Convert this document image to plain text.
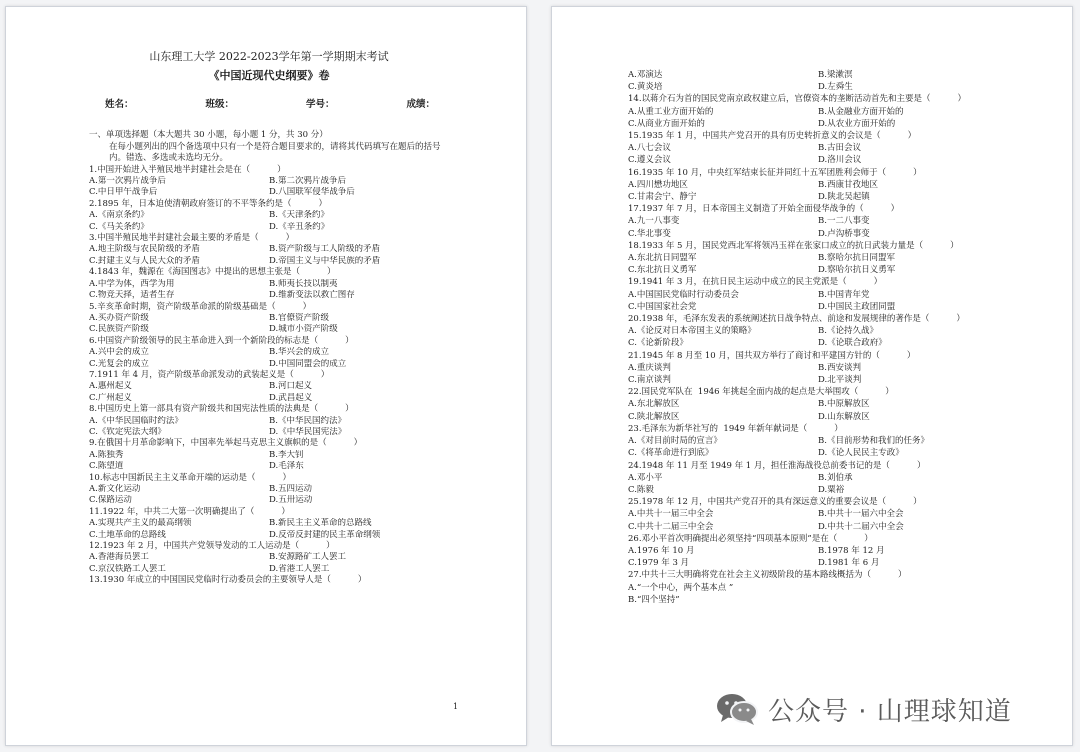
山东理工大学 2022-2023学年第一学期期末考试
《中国近现代史纲要》卷
姓名：	班级：	学号：	成绩：
一、单项选择题（本大题共 30 小题，每小题 1 分，共 30 分）
在每小题列出的四个备选项中只有一个是符合题目要求的，请将其代码填写在题后的括号内。错选、多选或未选均无分。
1.中国开始进入半殖民地半封建社会是在（          ）
A.第一次鸦片战争后	B.第二次鸦片战争后
C.中日甲午战争后	D.八国联军侵华战争后
2.1895 年，日本迫使清朝政府签订的不平等条约是（          ）
A.《南京条约》	B.《天津条约》
C.《马关条约》	D.《辛丑条约》
3.中国半殖民地半封建社会最主要的矛盾是（          ）
A.地主阶级与农民阶级的矛盾	B.资产阶级与工人阶级的矛盾
C.封建主义与人民大众的矛盾	D.帝国主义与中华民族的矛盾
4.1843 年，魏源在《海国图志》中提出的思想主张是（          ）
A.中学为体，西学为用	B.师夷长技以制夷
C.物竞天择，适者生存	D.维新变法以救亡图存
5.辛亥革命时期，资产阶级革命派的阶级基础是（          ）
A.买办资产阶级	B.官僚资产阶级
C.民族资产阶级	D.城市小资产阶级
6.中国资产阶级领导的民主革命进入到一个新阶段的标志是（          ）
A.兴中会的成立	B.华兴会的成立
C.光复会的成立	D.中国同盟会的成立
7.1911 年 4 月，资产阶级革命派发动的武装起义是（          ）
A.惠州起义	B.河口起义
C.广州起义	D.武昌起义
8.中国历史上第一部具有资产阶级共和国宪法性质的法典是（          ）
A.《中华民国临时约法》	B.《中华民国约法》
C.《钦定宪法大纲》	D.《中华民国宪法》
9.在俄国十月革命影响下，中国率先举起马克思主义旗帜的是（          ）
A.陈独秀	B.李大钊
C.陈望道	D.毛泽东
10.标志中国新民主主义革命开端的运动是（          ）
A.新文化运动	B.五四运动
C.保路运动	D.五卅运动
11.1922 年，中共二大第一次明确提出了（          ）
A.实现共产主义的最高纲领	B.新民主主义革命的总路线
C.土地革命的总路线	D.反帝反封建的民主革命纲领
12.1923 年 2 月，中国共产党领导发动的工人运动是（          ）
A.香港海员罢工	B.安源路矿工人罢工
C.京汉铁路工人罢工	D.省港工人罢工
13.1930 年成立的中国国民党临时行动委员会的主要领导人是（          ）
1
A.邓演达	B.梁漱溟
C.黄炎培	D.左舜生
14.以蒋介石为首的国民党南京政权建立后，官僚资本的垄断活动首先和主要是（          ）
A.从重工业方面开始的	B.从金融业方面开始的
C.从商业方面开始的	D.从农业方面开始的
15.1935 年 1 月，中国共产党召开的具有历史转折意义的会议是（          ）
A.八七会议	B.古田会议
C.遵义会议	D.洛川会议
16.1935 年 10 月，中央红军结束长征并同红十五军团胜利会师于（          ）
A.四川懋功地区	B.西康甘孜地区
C.甘肃会宁、静宁	D.陕北吴起镇
17.1937 年 7 月，日本帝国主义制造了开始全面侵华战争的（          ）
A.九一八事变	B.一二八事变
C.华北事变	D.卢沟桥事变
18.1933 年 5 月，国民党西北军将领冯玉祥在张家口成立的抗日武装力量是（          ）
A.东北抗日同盟军	B.察哈尔抗日同盟军
C.东北抗日义勇军	D.察哈尔抗日义勇军
19.1941 年 3 月，在抗日民主运动中成立的民主党派是（          ）
A.中国国民党临时行动委员会	B.中国青年党
C.中国国家社会党	D.中国民主政团同盟
20.1938 年，毛泽东发表的系统阐述抗日战争特点、前途和发展规律的著作是（          ）
A.《论反对日本帝国主义的策略》	B.《论持久战》
C.《论新阶段》	D.《论联合政府》
21.1945 年 8 月至 10 月，国共双方举行了商讨和平建国方针的（          ）
A.重庆谈判	B.西安谈判
C.南京谈判	D.北平谈判
22.国民党军队在  1946 年挑起全面内战的起点是大举围攻（          ）
A.东北解放区	B.中原解放区
C.陕北解放区	D.山东解放区
23.毛泽东为新华社写的  1949 年新年献词是（          ）
A.《对目前时局的宣言》	B.《目前形势和我们的任务》
C.《将革命进行到底》	D.《论人民民主专政》
24.1948 年 11 月至 1949 年 1 月，担任淮海战役总前委书记的是（          ）
A.邓小平	B.刘伯承
C.陈毅	D.粟裕
25.1978 年 12 月，中国共产党召开的具有深远意义的重要会议是（          ）
A.中共十一届三中全会	B.中共十一届六中全会
C.中共十二届三中全会	D.中共十二届六中全会
26.邓小平首次明确提出必须坚持“四项基本原则”是在（          ）
A.1976 年 10 月	B.1978 年 12 月
C.1979 年 3 月	D.1981 年 6 月
27.中共十三大明确将党在社会主义初级阶段的基本路线概括为（          ）
A.“一个中心，两个基本点 ”
B.“四个坚持”
公众号 · 山理球知道
